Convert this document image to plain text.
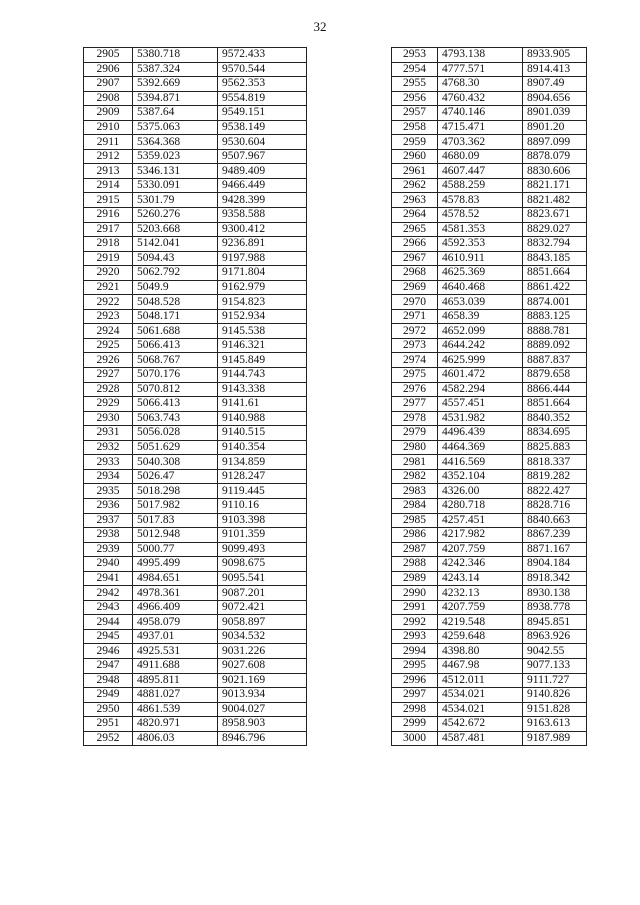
32
2905	5380.718	9572.433
2906	5387.324	9570.544
2907	5392.669	9562.353
2908	5394.871	9554.819
2909	5387.64	9549.151
2910	5375.063	9538.149
2911	5364.368	9530.604
2912	5359.023	9507.967
2913	5346.131	9489.409
2914	5330.091	9466.449
2915	5301.79	9428.399
2916	5260.276	9358.588
2917	5203.668	9300.412
2918	5142.041	9236.891
2919	5094.43	9197.988
2920	5062.792	9171.804
2921	5049.9	9162.979
2922	5048.528	9154.823
2923	5048.171	9152.934
2924	5061.688	9145.538
2925	5066.413	9146.321
2926	5068.767	9145.849
2927	5070.176	9144.743
2928	5070.812	9143.338
2929	5066.413	9141.61
2930	5063.743	9140.988
2931	5056.028	9140.515
2932	5051.629	9140.354
2933	5040.308	9134.859
2934	5026.47	9128.247
2935	5018.298	9119.445
2936	5017.982	9110.16
2937	5017.83	9103.398
2938	5012.948	9101.359
2939	5000.77	9099.493
2940	4995.499	9098.675
2941	4984.651	9095.541
2942	4978.361	9087.201
2943	4966.409	9072.421
2944	4958.079	9058.897
2945	4937.01	9034.532
2946	4925.531	9031.226
2947	4911.688	9027.608
2948	4895.811	9021.169
2949	4881.027	9013.934
2950	4861.539	9004.027
2951	4820.971	8958.903
2952	4806.03	8946.796
2953	4793.138	8933.905
2954	4777.571	8914.413
2955	4768.30	8907.49
2956	4760.432	8904.656
2957	4740.146	8901.039
2958	4715.471	8901.20
2959	4703.362	8897.099
2960	4680.09	8878.079
2961	4607.447	8830.606
2962	4588.259	8821.171
2963	4578.83	8821.482
2964	4578.52	8823.671
2965	4581.353	8829.027
2966	4592.353	8832.794
2967	4610.911	8843.185
2968	4625.369	8851.664
2969	4640.468	8861.422
2970	4653.039	8874.001
2971	4658.39	8883.125
2972	4652.099	8888.781
2973	4644.242	8889.092
2974	4625.999	8887.837
2975	4601.472	8879.658
2976	4582.294	8866.444
2977	4557.451	8851.664
2978	4531.982	8840.352
2979	4496.439	8834.695
2980	4464.369	8825.883
2981	4416.569	8818.337
2982	4352.104	8819.282
2983	4326.00	8822.427
2984	4280.718	8828.716
2985	4257.451	8840.663
2986	4217.982	8867.239
2987	4207.759	8871.167
2988	4242.346	8904.184
2989	4243.14	8918.342
2990	4232.13	8930.138
2991	4207.759	8938.778
2992	4219.548	8945.851
2993	4259.648	8963.926
2994	4398.80	9042.55
2995	4467.98	9077.133
2996	4512.011	9111.727
2997	4534.021	9140.826
2998	4534.021	9151.828
2999	4542.672	9163.613
3000	4587.481	9187.989
